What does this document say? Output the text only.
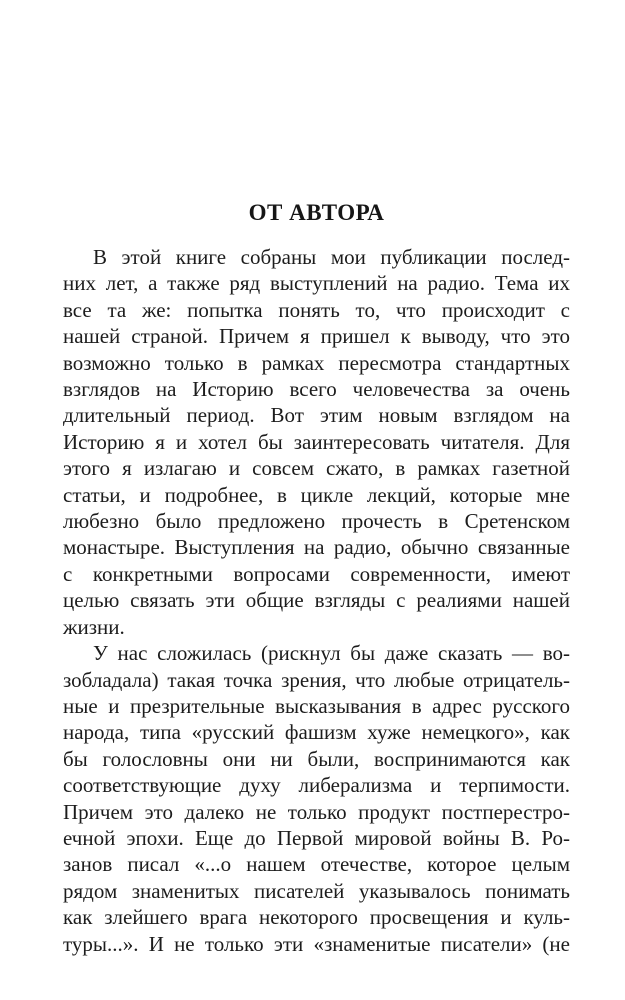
ОТ АВТОРА
В этой книге собраны мои публикации послед-
них лет, а также ряд выступлений на радио. Тема их
все та же: попытка понять то, что происходит с
нашей страной. Причем я пришел к выводу, что это
возможно только в рамках пересмотра стандартных
взглядов на Историю всего человечества за очень
длительный период. Вот этим новым взглядом на
Историю я и хотел бы заинтересовать читателя. Для
этого я излагаю и совсем сжато, в рамках газетной
статьи, и подробнее, в цикле лекций, которые мне
любезно было предложено прочесть в Сретенском
монастыре. Выступления на радио, обычно связанные
с конкретными вопросами современности, имеют
целью связать эти общие взгляды с реалиями нашей
жизни.
У нас сложилась (рискнул бы даже сказать — во-
зобладала) такая точка зрения, что любые отрицатель-
ные и презрительные высказывания в адрес русского
народа, типа «русский фашизм хуже немецкого», как
бы голословны они ни были, воспринимаются как
соответствующие духу либерализма и терпимости.
Причем это далеко не только продукт постперестро-
ечной эпохи. Еще до Первой мировой войны В. Ро-
занов писал «...о нашем отечестве, которое целым
рядом знаменитых писателей указывалось понимать
как злейшего врага некоторого просвещения и куль-
туры...». И не только эти «знаменитые писатели» (не
